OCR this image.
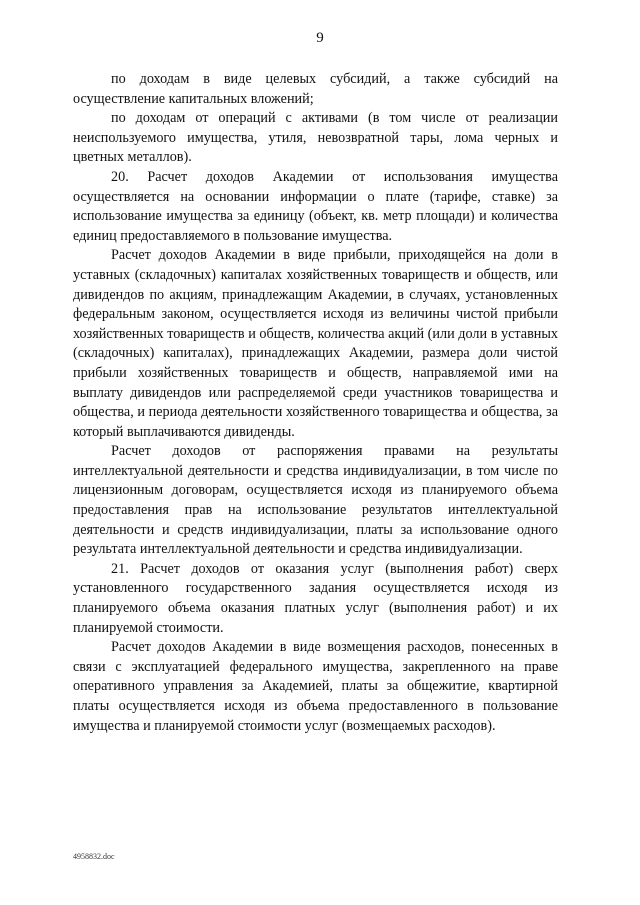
9

по доходам в виде целевых субсидий, а также субсидий на осуществление капитальных вложений;

по доходам от операций с активами (в том числе от реализации неиспользуемого имущества, утиля, невозвратной тары, лома черных и цветных металлов).

20. Расчет доходов Академии от использования имущества осуществляется на основании информации о плате (тарифе, ставке) за использование имущества за единицу (объект, кв. метр площади) и количества единиц предоставляемого в пользование имущества.

Расчет доходов Академии в виде прибыли, приходящейся на доли в уставных (складочных) капиталах хозяйственных товариществ и обществ, или дивидендов по акциям, принадлежащим Академии, в случаях, установленных федеральным законом, осуществляется исходя из величины чистой прибыли хозяйственных товариществ и обществ, количества акций (или доли в уставных (складочных) капиталах), принадлежащих Академии, размера доли чистой прибыли хозяйственных товариществ и обществ, направляемой ими на выплату дивидендов или распределяемой среди участников товарищества и общества, и периода деятельности хозяйственного товарищества и общества, за который выплачиваются дивиденды.

Расчет доходов от распоряжения правами на результаты интеллектуальной деятельности и средства индивидуализации, в том числе по лицензионным договорам, осуществляется исходя из планируемого объема предоставления прав на использование результатов интеллектуальной деятельности и средств индивидуализации, платы за использование одного результата интеллектуальной деятельности и средства индивидуализации.

21. Расчет доходов от оказания услуг (выполнения работ) сверх установленного государственного задания осуществляется исходя из планируемого объема оказания платных услуг (выполнения работ) и их планируемой стоимости.

Расчет доходов Академии в виде возмещения расходов, понесенных в связи с эксплуатацией федерального имущества, закрепленного на праве оперативного управления за Академией, платы за общежитие, квартирной платы осуществляется исходя из объема предоставленного в пользование имущества и планируемой стоимости услуг (возмещаемых расходов).

4958832.doc
